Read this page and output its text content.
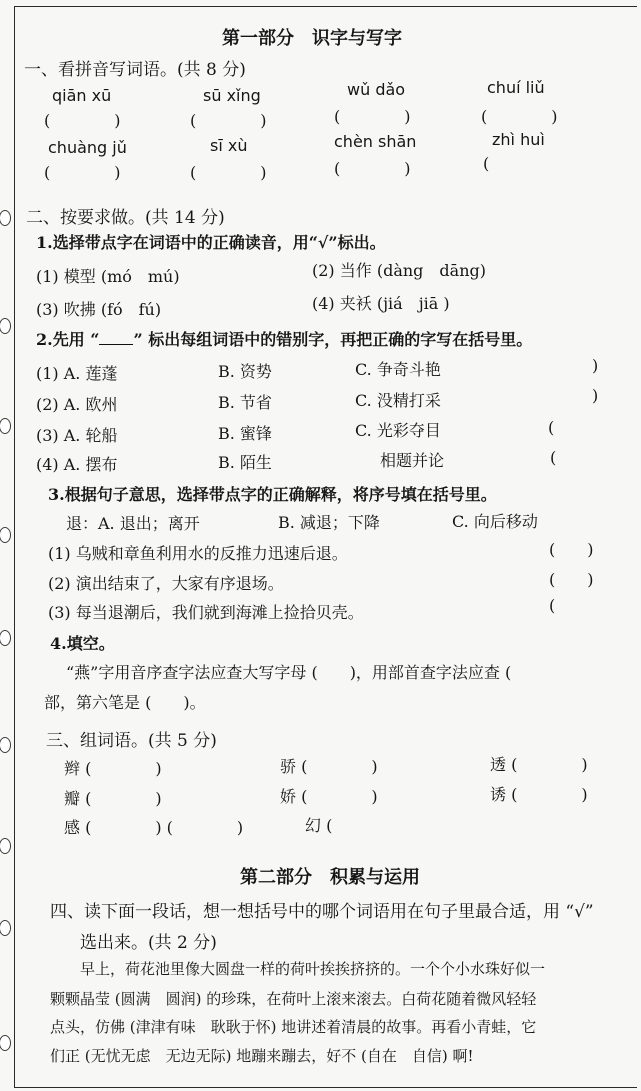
第一部分　识字与写字
一、看拼音写词语。(共 8 分)
qiān xū	sū xǐng	wǔ dǎo	chuí liǔ
(　　　　)	(　　　　)	(　　　　)	(　　　　)
chuàng jǔ	sī xù	chèn shān	zhì huì
(　　　　)	(　　　　)	(　　　　)	(
二、按要求做。(共 14 分)
1.选择带点字在词语中的正确读音，用“√”标出。
(1) 模型 (mó　mú)	(2) 当作 (dàng　dāng)
(3) 吹拂 (fó　fú)	(4) 夹袄 (jiá　jiā )
2.先用 “ ” 标出每组词语中的错别字，再把正确的字写在括号里。
(1) A. 莲蓬	B. 资势	C. 争奇斗艳	)
(2) A. 欧州	B. 节省	C. 没精打采	)
(3) A. 轮船	B. 蜜锋	C. 光彩夺目	(
(4) A. 摆布	B. 陌生	相题并论	(
3.根据句子意思，选择带点字的正确解释，将序号填在括号里。
退：A. 退出；离开	B. 减退；下降	C. 向后移动
(1) 乌贼和章鱼利用水的反推力迅速后退。	(　　)
(2) 演出结束了，大家有序退场。	(　　)
(3) 每当退潮后，我们就到海滩上捡拾贝壳。	(
4.填空。
“燕”字用音序查字法应查大写字母 (　　)，用部首查字法应查 (
部，第六笔是 (　　)。
三、组词语。(共 5 分)
辫 (　　　　)	骄 (　　　　)	透 (　　　　)
瓣 (　　　　)	娇 (　　　　)	诱 (　　　　)
感 (　　　　) (　　　　)	幻 (　　　　
第二部分　积累与运用
四、读下面一段话，想一想括号中的哪个词语用在句子里最合适，用 “√”
选出来。(共 2 分)
　　早上，荷花池里像大圆盘一样的荷叶挨挨挤挤的。一个个小水珠好似一
颗颗晶莹 (圆满　圆润) 的珍珠，在荷叶上滚来滚去。白荷花随着微风轻轻
点头，仿佛 (津津有味　耿耿于怀) 地讲述着清晨的故事。再看小青蛙，它
们正 (无忧无虑　无边无际) 地蹦来蹦去，好不 (自在　自信) 啊!
